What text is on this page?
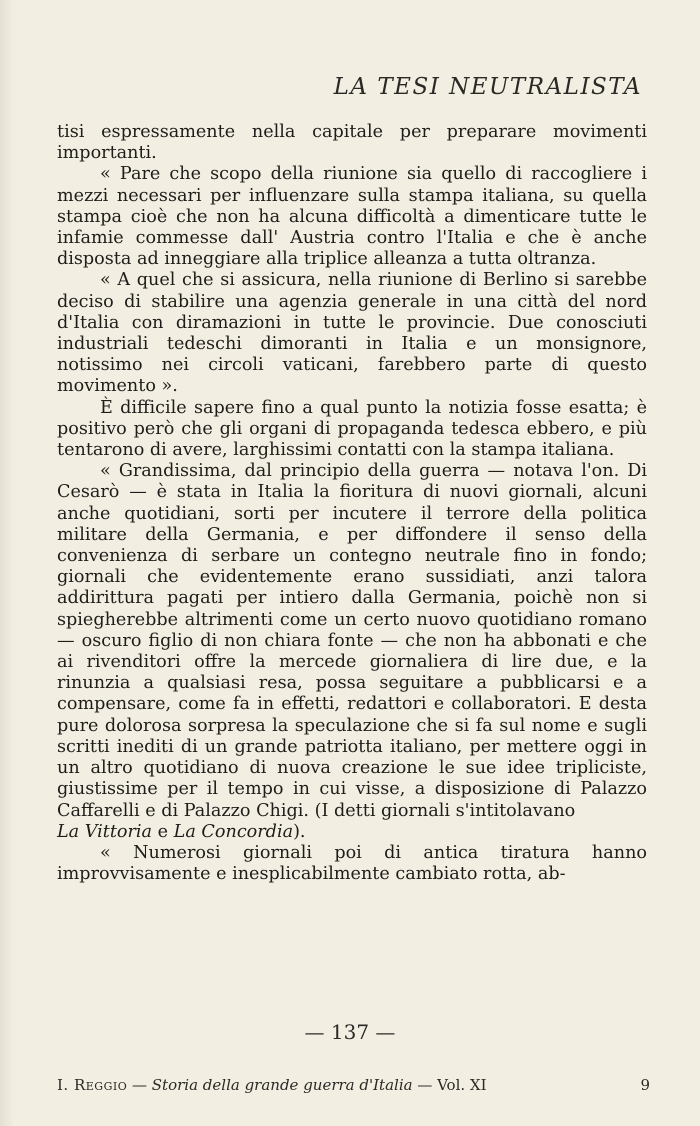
LA TESI NEUTRALISTA

tisi espressamente nella capitale per preparare movimenti importanti.

« Pare che scopo della riunione sia quello di raccogliere i mezzi necessari per influenzare sulla stampa italiana, su quella stampa cioè che non ha alcuna difficoltà a dimenticare tutte le infamie commesse dall' Austria contro l'Italia e che è anche disposta ad inneggiare alla triplice alleanza a tutta oltranza.

« A quel che si assicura, nella riunione di Berlino si sarebbe deciso di stabilire una agenzia generale in una città del nord d'Italia con diramazioni in tutte le provincie. Due conosciuti industriali tedeschi dimoranti in Italia e un monsignore, notissimo nei circoli vaticani, farebbero parte di questo movimento ».

È difficile sapere fino a qual punto la notizia fosse esatta; è positivo però che gli organi di propaganda tedesca ebbero, e più tentarono di avere, larghissimi contatti con la stampa italiana.

« Grandissima, dal principio della guerra — notava l'on. Di Cesarò — è stata in Italia la fioritura di nuovi giornali, alcuni anche quotidiani, sorti per incutere il terrore della politica militare della Germania, e per diffondere il senso della convenienza di serbare un contegno neutrale fino in fondo; giornali che evidentemente erano sussidiati, anzi talora addirittura pagati per intiero dalla Germania, poichè non si spiegherebbe altrimenti come un certo nuovo quotidiano romano — oscuro figlio di non chiara fonte — che non ha abbonati e che ai rivenditori offre la mercede giornaliera di lire due, e la rinunzia a qualsiasi resa, possa seguitare a pubblicarsi e a compensare, come fa in effetti, redattori e collaboratori. E desta pure dolorosa sorpresa la speculazione che si fa sul nome e sugli scritti inediti di un grande patriotta italiano, per mettere oggi in un altro quotidiano di nuova creazione le sue idee tripliciste, giustissime per il tempo in cui visse, a disposizione di Palazzo Caffarelli e di Palazzo Chigi. (I detti giornali s'intitolavano
La Vittoria e La Concordia).

« Numerosi giornali poi di antica tiratura hanno improvvisamente e inesplicabilmente cambiato rotta, ab-

— 137 —
I. Reggio — Storia della grande guerra d'Italia — Vol. XI	9
